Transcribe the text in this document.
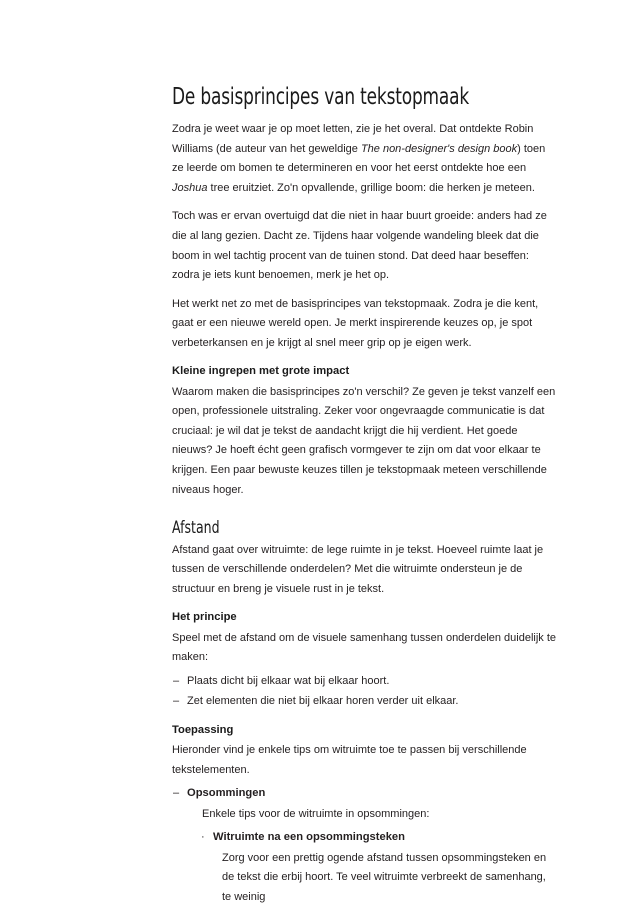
De basisprincipes van tekstopmaak

Zodra je weet waar je op moet letten, zie je het overal. Dat ontdekte Robin Williams (de auteur van het geweldige The non-designer's design book) toen ze leerde om bomen te determineren en voor het eerst ontdekte hoe een Joshua tree eruitziet. Zo'n opvallende, grillige boom: die herken je meteen.

Toch was er ervan overtuigd dat die niet in haar buurt groeide: anders had ze die al lang gezien. Dacht ze. Tijdens haar volgende wandeling bleek dat die boom in wel tachtig procent van de tuinen stond. Dat deed haar beseffen: zodra je iets kunt benoemen, merk je het op.

Het werkt net zo met de basisprincipes van tekstopmaak. Zodra je die kent, gaat er een nieuwe wereld open. Je merkt inspirerende keuzes op, je spot verbeterkansen en je krijgt al snel meer grip op je eigen werk.

Kleine ingrepen met grote impact

Waarom maken die basisprincipes zo'n verschil? Ze geven je tekst vanzelf een open, professionele uitstraling. Zeker voor ongevraagde communicatie is dat cruciaal: je wil dat je tekst de aandacht krijgt die hij verdient. Het goede nieuws? Je hoeft écht geen grafisch vormgever te zijn om dat voor elkaar te krijgen. Een paar bewuste keuzes tillen je tekstopmaak meteen verschillende niveaus hoger.

Afstand

Afstand gaat over witruimte: de lege ruimte in je tekst. Hoeveel ruimte laat je tussen de verschillende onderdelen? Met die witruimte ondersteun je de structuur en breng je visuele rust in je tekst.

Het principe

Speel met de afstand om de visuele samenhang tussen onderdelen duidelijk te maken:

– Plaats dicht bij elkaar wat bij elkaar hoort.
– Zet elementen die niet bij elkaar horen verder uit elkaar.
Toepassing

Hieronder vind je enkele tips om witruimte toe te passen bij verschillende tekstelementen.

– Opsommingen

Enkele tips voor de witruimte in opsommingen:

· Witruimte na een opsommingsteken

Zorg voor een prettig ogende afstand tussen opsommingsteken en de tekst die erbij hoort. Te veel witruimte verbreekt de samenhang, te weinig
